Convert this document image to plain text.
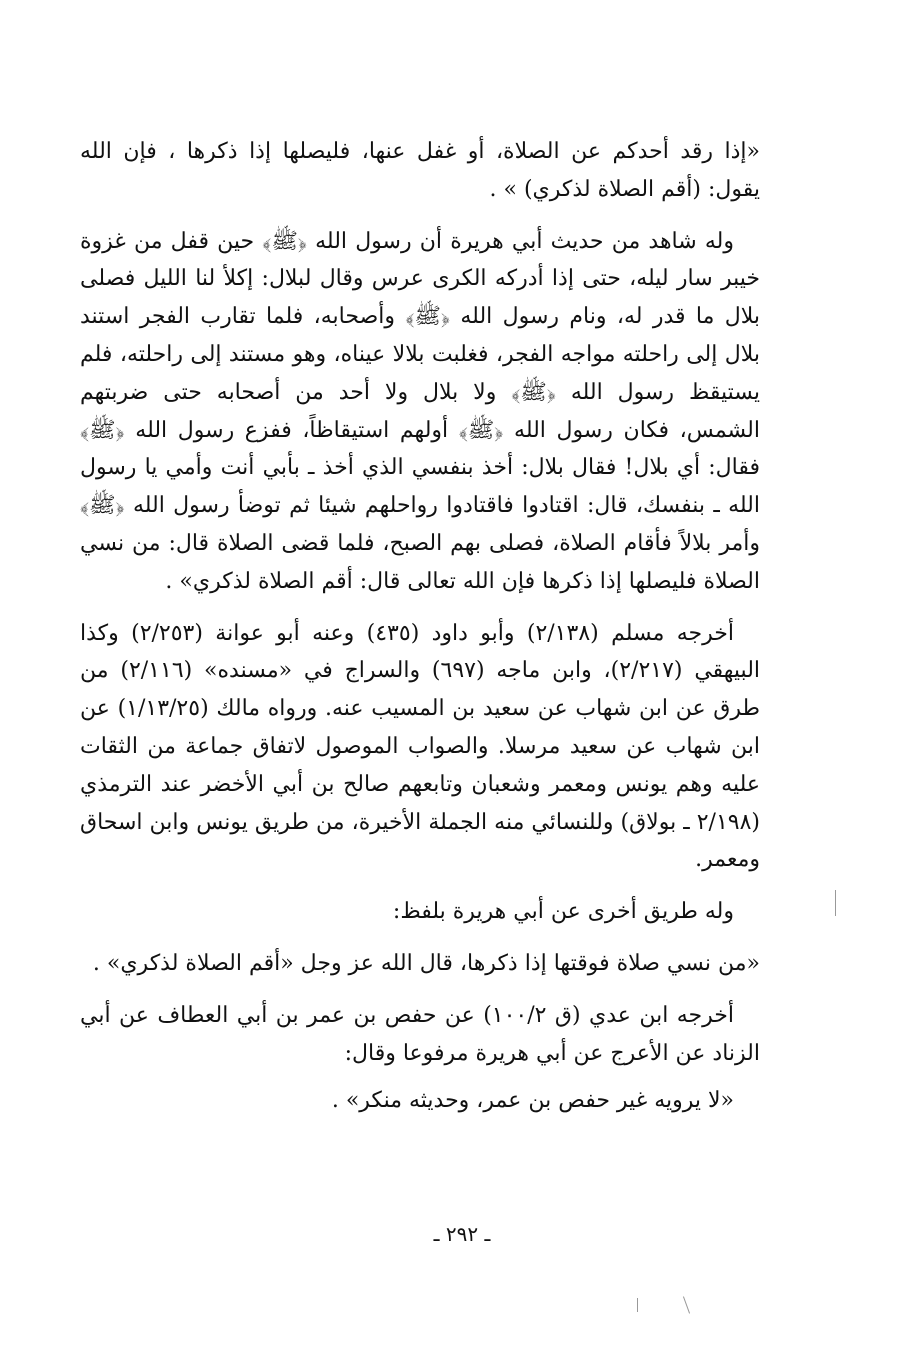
«إذا رقد أحدكم عن الصلاة، أو غفل عنها، فليصلها إذا ذكرها ، فإن الله يقول: (أقم الصلاة لذكري) » .

وله شاهد من حديث أبي هريرة أن رسول الله ﴿ﷺ﴾ حين قفل من غزوة خيبر سار ليله، حتى إذا أدركه الكرى عرس وقال لبلال: إكلأ لنا الليل فصلى بلال ما قدر له، ونام رسول الله ﴿ﷺ﴾ وأصحابه، فلما تقارب الفجر استند بلال إلى راحلته مواجه الفجر، فغلبت بلالا عيناه، وهو مستند إلى راحلته، فلم يستيقظ رسول الله ﴿ﷺ﴾ ولا بلال ولا أحد من أصحابه حتى ضربتهم الشمس، فكان رسول الله ﴿ﷺ﴾ أولهم استيقاظاً، ففزع رسول الله ﴿ﷺ﴾ فقال: أي بلال! فقال بلال: أخذ بنفسي الذي أخذ ـ بأبي أنت وأمي يا رسول الله ـ بنفسك، قال: اقتادوا فاقتادوا رواحلهم شيئا ثم توضأ رسول الله ﴿ﷺ﴾ وأمر بلالاً فأقام الصلاة، فصلى بهم الصبح، فلما قضى الصلاة قال: من نسي الصلاة فليصلها إذا ذكرها فإن الله تعالى قال: أقم الصلاة لذكري» .

أخرجه مسلم (٢/١٣٨) وأبو داود (٤٣٥) وعنه أبو عوانة (٢/٢٥٣) وكذا البيهقي (٢/٢١٧)، وابن ماجه (٦٩٧) والسراج في «مسنده» (٢/١١٦) من طرق عن ابن شهاب عن سعيد بن المسيب عنه. ورواه مالك (١/١٣/٢٥) عن ابن شهاب عن سعيد مرسلا. والصواب الموصول لاتفاق جماعة من الثقات عليه وهم يونس ومعمر وشعبان وتابعهم صالح بن أبي الأخضر عند الترمذي (٢/١٩٨ ـ بولاق) وللنسائي منه الجملة الأخيرة، من طريق يونس وابن اسحاق ومعمر.

وله طريق أخرى عن أبي هريرة بلفظ:

«من نسي صلاة فوقتها إذا ذكرها، قال الله عز وجل «أقم الصلاة لذكري» .

أخرجه ابن عدي (ق ١٠٠/٢) عن حفص بن عمر بن أبي العطاف عن أبي الزناد عن الأعرج عن أبي هريرة مرفوعا وقال:

«لا يرويه غير حفص بن عمر، وحديثه منكر» .

ـ ٢٩٢ ـ
